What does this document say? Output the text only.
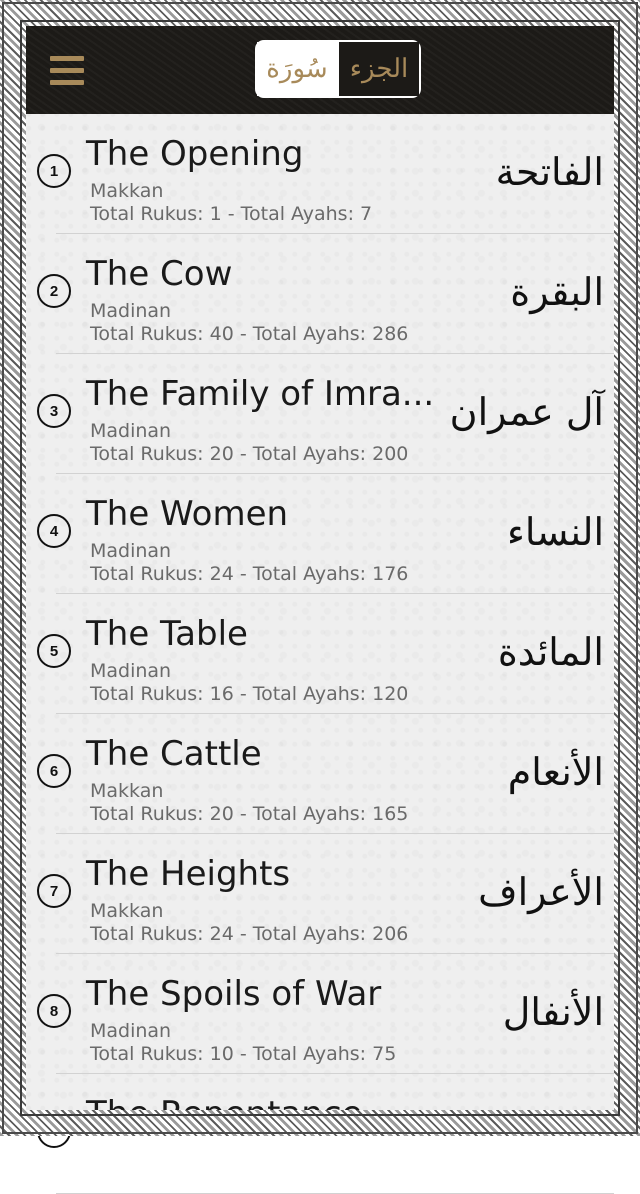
سُورَة الجزء
1 The Opening
Makkan
Total Rukus: 1 - Total Ayahs: 7
الفاتحة
2 The Cow
Madinan
Total Rukus: 40 - Total Ayahs: 286
البقرة
3 The Family of Imra...
Madinan
Total Rukus: 20 - Total Ayahs: 200
آل عمران
4 The Women
Madinan
Total Rukus: 24 - Total Ayahs: 176
النساء
5 The Table
Madinan
Total Rukus: 16 - Total Ayahs: 120
المائدة
6 The Cattle
Makkan
Total Rukus: 20 - Total Ayahs: 165
الأنعام
7 The Heights
Makkan
Total Rukus: 24 - Total Ayahs: 206
الأعراف
8 The Spoils of War
Madinan
Total Rukus: 10 - Total Ayahs: 75
الأنفال
9 The Repentance
